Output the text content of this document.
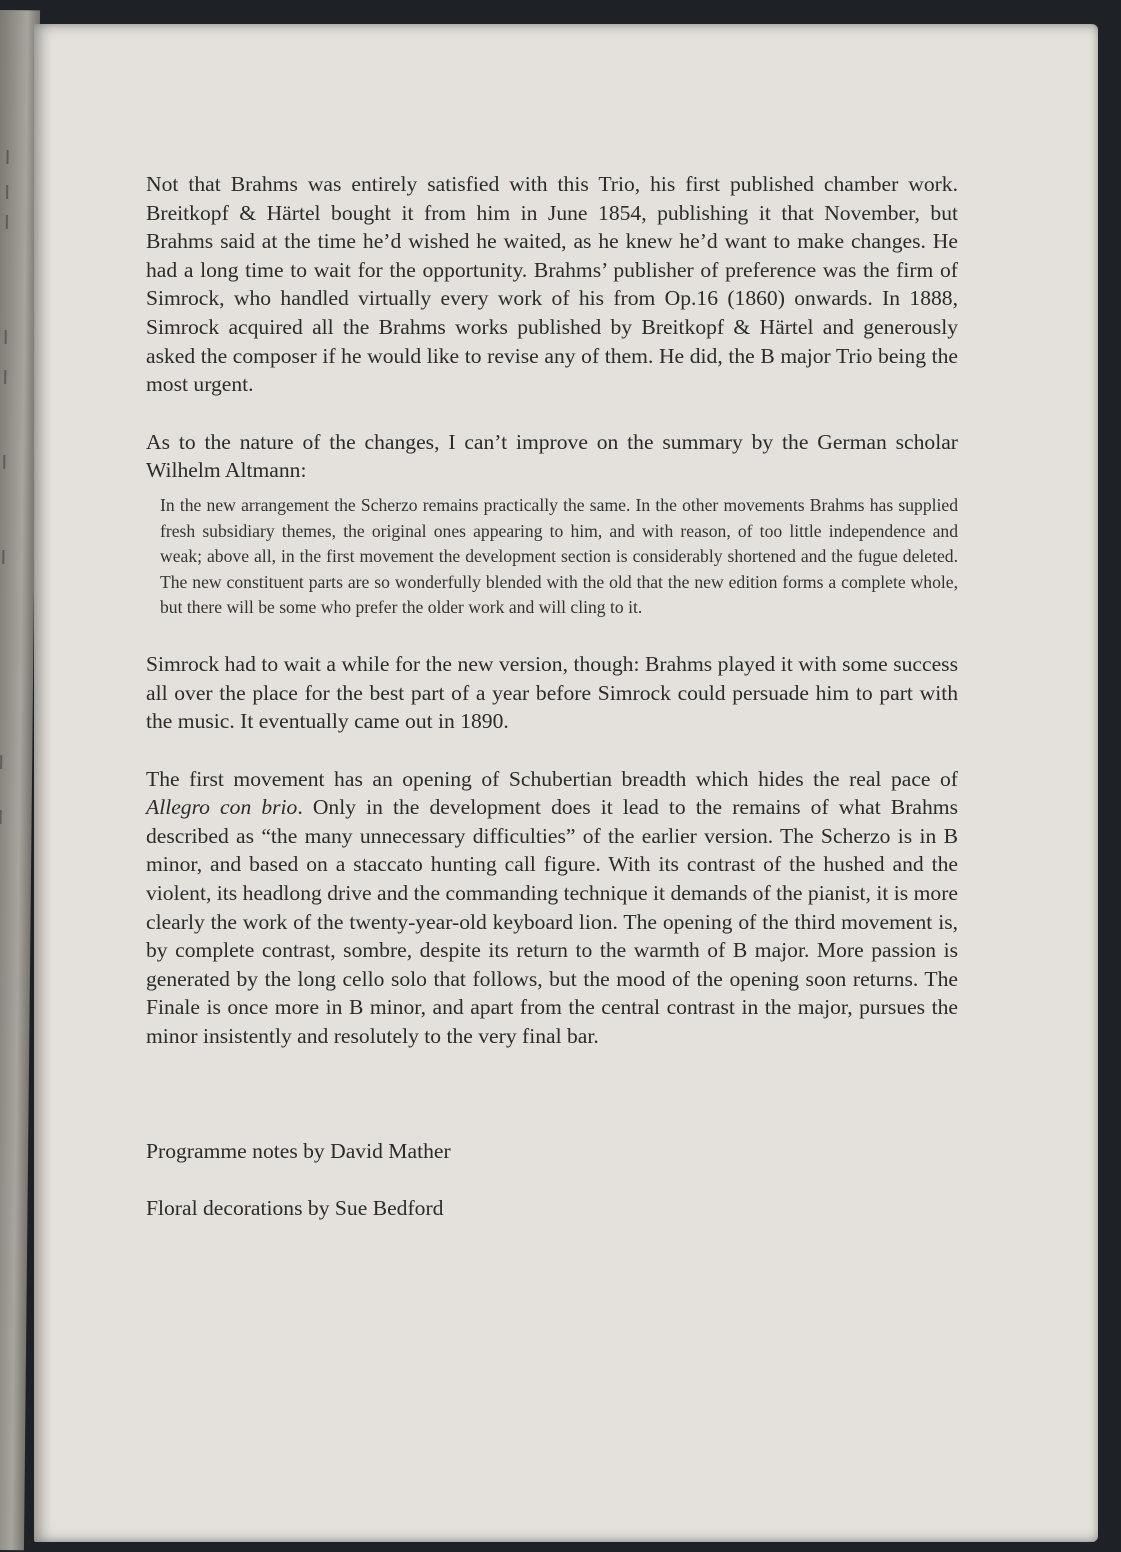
Not that Brahms was entirely satisfied with this Trio, his first published chamber work. Breitkopf & Härtel bought it from him in June 1854, publishing it that November, but Brahms said at the time he’d wished he waited, as he knew he’d want to make changes. He had a long time to wait for the opportunity. Brahms’ publisher of preference was the firm of Simrock, who handled virtually every work of his from Op.16 (1860) onwards. In 1888, Simrock acquired all the Brahms works published by Breitkopf & Härtel and generously asked the composer if he would like to revise any of them. He did, the B major Trio being the most urgent.

As to the nature of the changes, I can’t improve on the summary by the German scholar Wilhelm Altmann:

In the new arrangement the Scherzo remains practically the same. In the other movements Brahms has supplied fresh subsidiary themes, the original ones appearing to him, and with reason, of too little independence and weak; above all, in the first movement the development section is considerably shortened and the fugue deleted. The new constituent parts are so wonderfully blended with the old that the new edition forms a complete whole, but there will be some who prefer the older work and will cling to it.

Simrock had to wait a while for the new version, though: Brahms played it with some success all over the place for the best part of a year before Simrock could persuade him to part with the music. It eventually came out in 1890.

The first movement has an opening of Schubertian breadth which hides the real pace of Allegro con brio. Only in the development does it lead to the remains of what Brahms described as “the many unnecessary difficulties” of the earlier version. The Scherzo is in B minor, and based on a staccato hunting call figure. With its contrast of the hushed and the violent, its headlong drive and the commanding technique it demands of the pianist, it is more clearly the work of the twenty-year-old keyboard lion. The opening of the third movement is, by complete contrast, sombre, despite its return to the warmth of B major. More passion is generated by the long cello solo that follows, but the mood of the opening soon returns. The Finale is once more in B minor, and apart from the central contrast in the major, pursues the minor insistently and resolutely to the very final bar.

Programme notes by David Mather

Floral decorations by Sue Bedford
